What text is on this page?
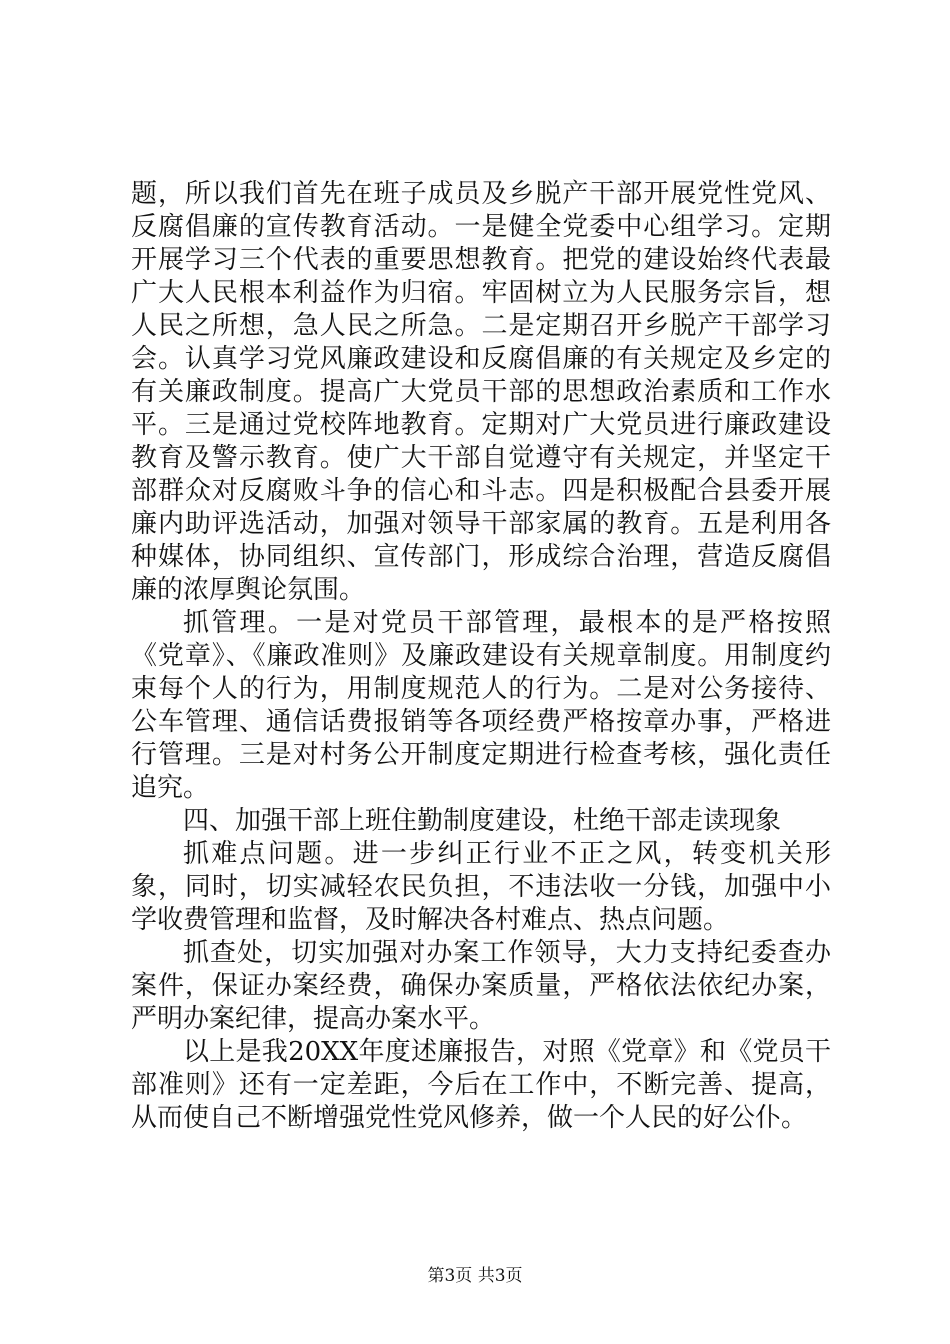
题，所以我们首先在班子成员及乡脱产干部开展党性党风、反腐倡廉的宣传教育活动。一是健全党委中心组学习。定期开展学习三个代表的重要思想教育。把党的建设始终代表最广大人民根本利益作为归宿。牢固树立为人民服务宗旨，想人民之所想，急人民之所急。二是定期召开乡脱产干部学习会。认真学习党风廉政建设和反腐倡廉的有关规定及乡定的有关廉政制度。提高广大党员干部的思想政治素质和工作水平。三是通过党校阵地教育。定期对广大党员进行廉政建设教育及警示教育。使广大干部自觉遵守有关规定，并坚定干部群众对反腐败斗争的信心和斗志。四是积极配合县委开展廉内助评选活动，加强对领导干部家属的教育。五是利用各种媒体，协同组织、宣传部门，形成综合治理，营造反腐倡廉的浓厚舆论氛围。

抓管理。一是对党员干部管理，最根本的是严格按照《党章》、《廉政准则》及廉政建设有关规章制度。用制度约束每个人的行为，用制度规范人的行为。二是对公务接待、公车管理、通信话费报销等各项经费严格按章办事，严格进行管理。三是对村务公开制度定期进行检查考核，强化责任追究。

四、加强干部上班住勤制度建设，杜绝干部走读现象

抓难点问题。进一步纠正行业不正之风，转变机关形象，同时，切实减轻农民负担，不违法收一分钱，加强中小学收费管理和监督，及时解决各村难点、热点问题。

抓查处，切实加强对办案工作领导，大力支持纪委查办案件，保证办案经费，确保办案质量，严格依法依纪办案，严明办案纪律，提高办案水平。

以上是我20XX年度述廉报告，对照《党章》和《党员干部准则》还有一定差距，今后在工作中，不断完善、提高，从而使自己不断增强党性党风修养，做一个人民的好公仆。

第3页 共3页
